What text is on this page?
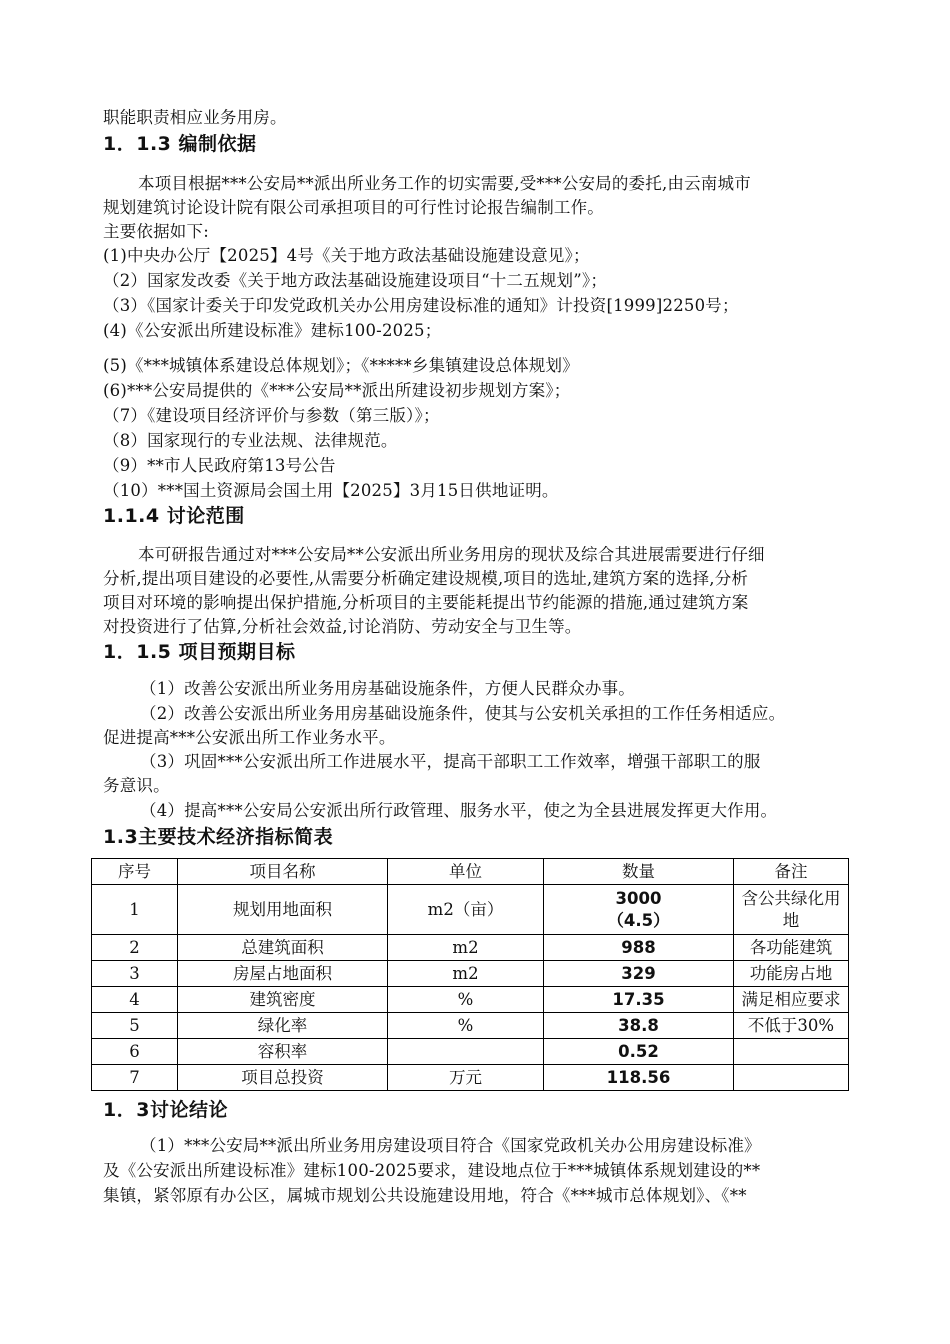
职能职责相应业务用房。
1．1.3 编制依据
本项目根据***公安局**派出所业务工作的切实需要,受***公安局的委托,由云南城市
规划建筑讨论设计院有限公司承担项目的可行性讨论报告编制工作。
主要依据如下:
(1)中央办公厅【2025】4号《关于地方政法基础设施建设意见》；
（2）国家发改委《关于地方政法基础设施建设项目“十二五规划”》；
（3）《国家计委关于印发党政机关办公用房建设标准的通知》计投资[1999]2250号；
(4)《公安派出所建设标准》建标100-2025；
(5)《***城镇体系建设总体规划》；《*****乡集镇建设总体规划》
(6)***公安局提供的《***公安局**派出所建设初步规划方案》；
（7）《建设项目经济评价与参数（第三版）》；
（8）国家现行的专业法规、法律规范。
（9）**市人民政府第13号公告
（10）***国土资源局会国土用【2025】3月15日供地证明。
1.1.4 讨论范围
本可研报告通过对***公安局**公安派出所业务用房的现状及综合其进展需要进行仔细
分析,提出项目建设的必要性,从需要分析确定建设规模,项目的选址,建筑方案的选择,分析
项目对环境的影响提出保护措施,分析项目的主要能耗提出节约能源的措施,通过建筑方案
对投资进行了估算,分析社会效益,讨论消防、劳动安全与卫生等。
1．1.5 项目预期目标
（1）改善公安派出所业务用房基础设施条件，方便人民群众办事。
（2）改善公安派出所业务用房基础设施条件，使其与公安机关承担的工作任务相适应。
促进提高***公安派出所工作业务水平。
（3）巩固***公安派出所工作进展水平，提高干部职工工作效率，增强干部职工的服
务意识。
（4）提高***公安局公安派出所行政管理、服务水平，使之为全县进展发挥更大作用。
1.3主要技术经济指标简表
序号	项目名称	单位	数量	备注
1	规划用地面积	m2（亩）	3000
（4.5）	含公共绿化用地
2	总建筑面积	m2	988	各功能建筑
3	房屋占地面积	m2	329	功能房占地
4	建筑密度	%	17.35	满足相应要求
5	绿化率	%	38.8	不低于30%
6	容积率		0.52	
7	项目总投资	万元	118.56	
1．3讨论结论
（1）***公安局**派出所业务用房建设项目符合《国家党政机关办公用房建设标准》
及《公安派出所建设标准》建标100-2025要求，建设地点位于***城镇体系规划建设的**
集镇，紧邻原有办公区，属城市规划公共设施建设用地，符合《***城市总体规划》、《**
